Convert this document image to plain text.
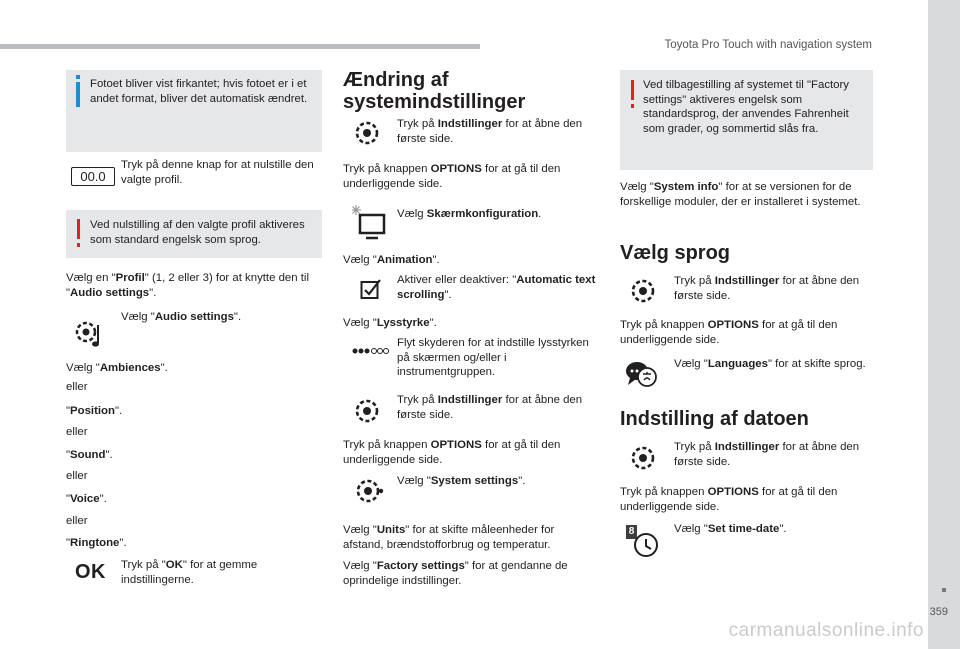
Toyota Pro Touch with navigation system
359
carmanualsonline.info
Fotoet bliver vist firkantet; hvis fotoet er i et andet format, bliver det automatisk ændret.
00.0
Tryk på denne knap for at nulstille den valgte profil.
Ved nulstilling af den valgte profil aktiveres som standard engelsk som sprog.
Vælg en "Profil" (1, 2 eller 3) for at knytte den til "Audio settings".
Vælg "Audio settings".
Vælg "Ambiences".
eller
"Position".
eller
"Sound".
eller
"Voice".
eller
"Ringtone".
OK Tryk på "OK" for at gemme indstillingerne.
Ændring af systemindstillinger
Tryk på Indstillinger for at åbne den første side.
Tryk på knappen OPTIONS for at gå til den underliggende side.
Vælg Skærmkonfiguration.
Vælg "Animation".
Aktiver eller deaktiver: "Automatic text scrolling".
Vælg "Lysstyrke".
Flyt skyderen for at indstille lysstyrken på skærmen og/eller i instrumentgruppen.
Tryk på Indstillinger for at åbne den første side.
Tryk på knappen OPTIONS for at gå til den underliggende side.
Vælg "System settings".
Vælg "Units" for at skifte måleenheder for afstand, brændstofforbrug og temperatur.
Vælg "Factory settings" for at gendanne de oprindelige indstillinger.
Ved tilbagestilling af systemet til "Factory settings" aktiveres engelsk som standardsprog, der anvendes Fahrenheit som grader, og sommertid slås fra.
Vælg "System info" for at se versionen for de forskellige moduler, der er installeret i systemet.
Vælg sprog
Tryk på Indstillinger for at åbne den første side.
Tryk på knappen OPTIONS for at gå til den underliggende side.
Vælg "Languages" for at skifte sprog.
Indstilling af datoen
Tryk på Indstillinger for at åbne den første side.
Tryk på knappen OPTIONS for at gå til den underliggende side.
8	Vælg "Set time-date".
